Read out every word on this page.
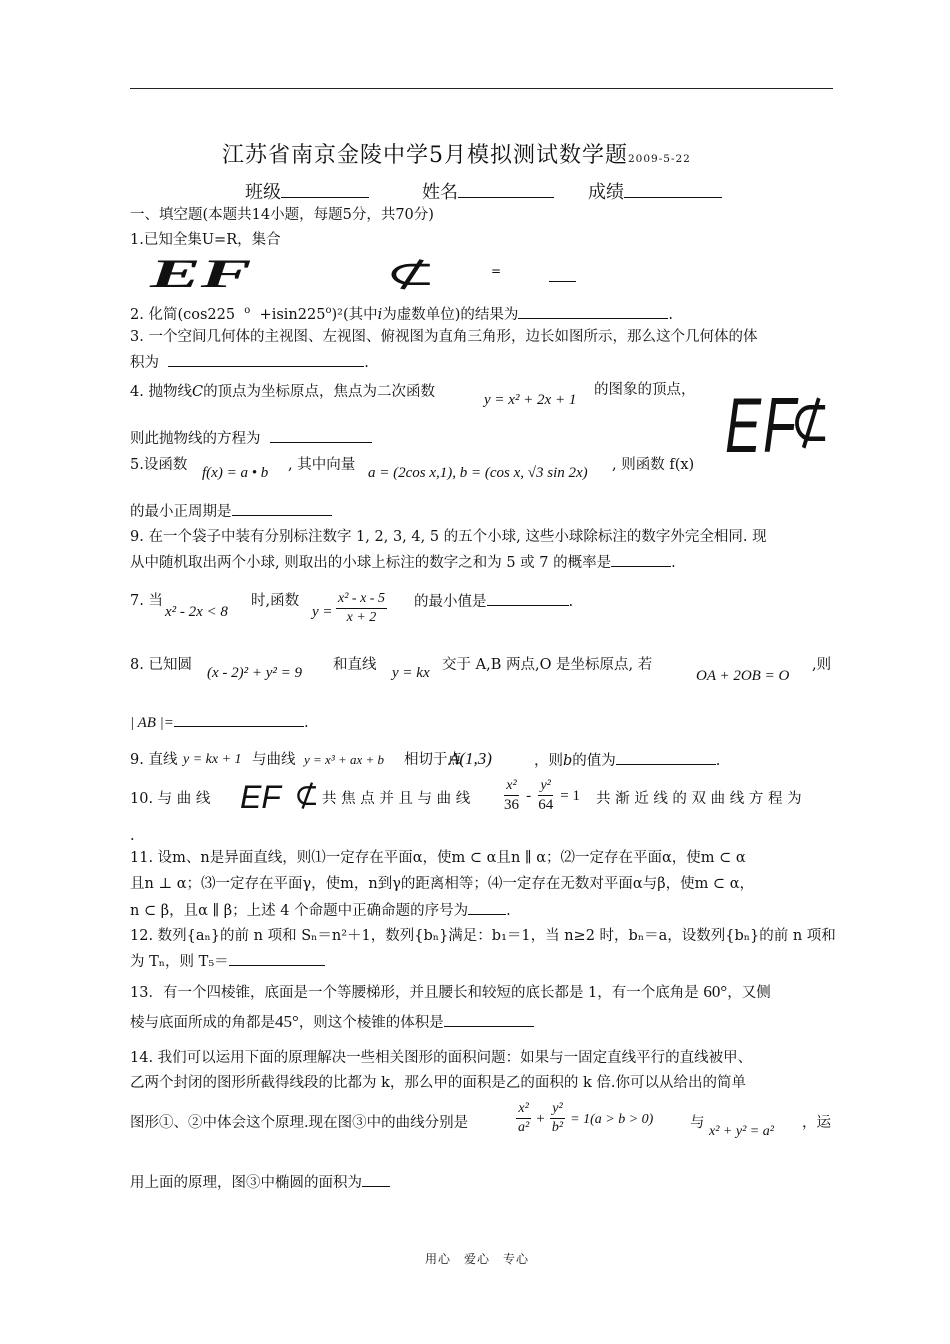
江苏省南京金陵中学5月模拟测试数学题2009-5-22
班级	姓名	成绩
一、填空题(本题共14小题，每题5分，共70分)
1.已知全集U=R，集合
EF	⊄	=
2. 化简(cos225 $^o$ +isin225$^o$)²(其中i为虚数单位)的结果为	.
3. 一个空间几何体的主视图、左视图、俯视图为直角三角形，边长如图所示，那么这个几何体的体
积为	.
4. 抛物线C的顶点为坐标原点，焦点为二次函数	y = x² + 2x + 1
的图象的顶点，
则此抛物线的方程为	EF
⊄
5.设函数 f(x) = a • b , 其中向量 a = (2cos x,1), b = (cos x, √3 sin 2x) , 则函数 f(x)
的最小正周期是
9. 在一个袋子中装有分别标注数字 1, 2, 3, 4, 5 的五个小球, 这些小球除标注的数字外完全相同. 现
从中随机取出两个小球, 则取出的小球上标注的数字之和为 5 或 7 的概率是	.
7. 当
x² - 2x < 8
时,函数
$y = \frac{\text{x² - x - 5}}{x + 2}$ 的最小值是	.
8. 已知圆 (x - 2)² + y² = 9 和直线 y = kx 交于 A,B 两点,O 是坐标原点, 若
OA + 2OB = O
,则
| AB |=	.
9. 直线 y = kx + 1 与曲线 y = x³ + ax + b 相切于点
A(1,3)	，则b的值为	.
10. 与 曲 线 EF ⊄ 共 焦 点 并 且 与 曲 线 $\frac{\text{x²}}{36} - \frac{\text{y²}}{64} = 1$ 共 渐 近 线 的 双 曲 线 方 程 为
.
11. 设m、n是异面直线，则⑴一定存在平面α，使m ⊂ α且n ∥ α；⑵一定存在平面α，使m ⊂ α
且n ⊥ α；⑶一定存在平面γ，使m，n到γ的距离相等；⑷一定存在无数对平面α与β，使m ⊂ α，
n ⊂ β，且α ∥ β；上述 4 个命题中正确命题的序号为	.
12. 数列{aₙ}的前 n 项和 Sₙ＝n²＋1，数列{bₙ}满足：b₁＝1，当 n≥2 时，bₙ＝a，设数列{bₙ}的前 n 项和
为 Tₙ，则 T₅＝
13．有一个四棱锥，底面是一个等腰梯形，并且腰长和较短的底长都是 1，有一个底角是 60°，又侧
棱与底面所成的角都是45°，则这个棱锥的体积是
14. 我们可以运用下面的原理解决一些相关图形的面积问题：如果与一固定直线平行的直线被甲、
乙两个封闭的图形所截得线段的比都为 k，那么甲的面积是乙的面积的 k 倍.你可以从给出的简单
图形①、②中体会这个原理.现在图③中的曲线分别是	$\frac{\text{x²}}{\text{a²}} + \frac{\text{y²}}{\text{b²}} = 1(a > b > 0)$	与
x² + y² = a²
，运
用上面的原理，图③中椭圆的面积为
用心　爱心　专心
